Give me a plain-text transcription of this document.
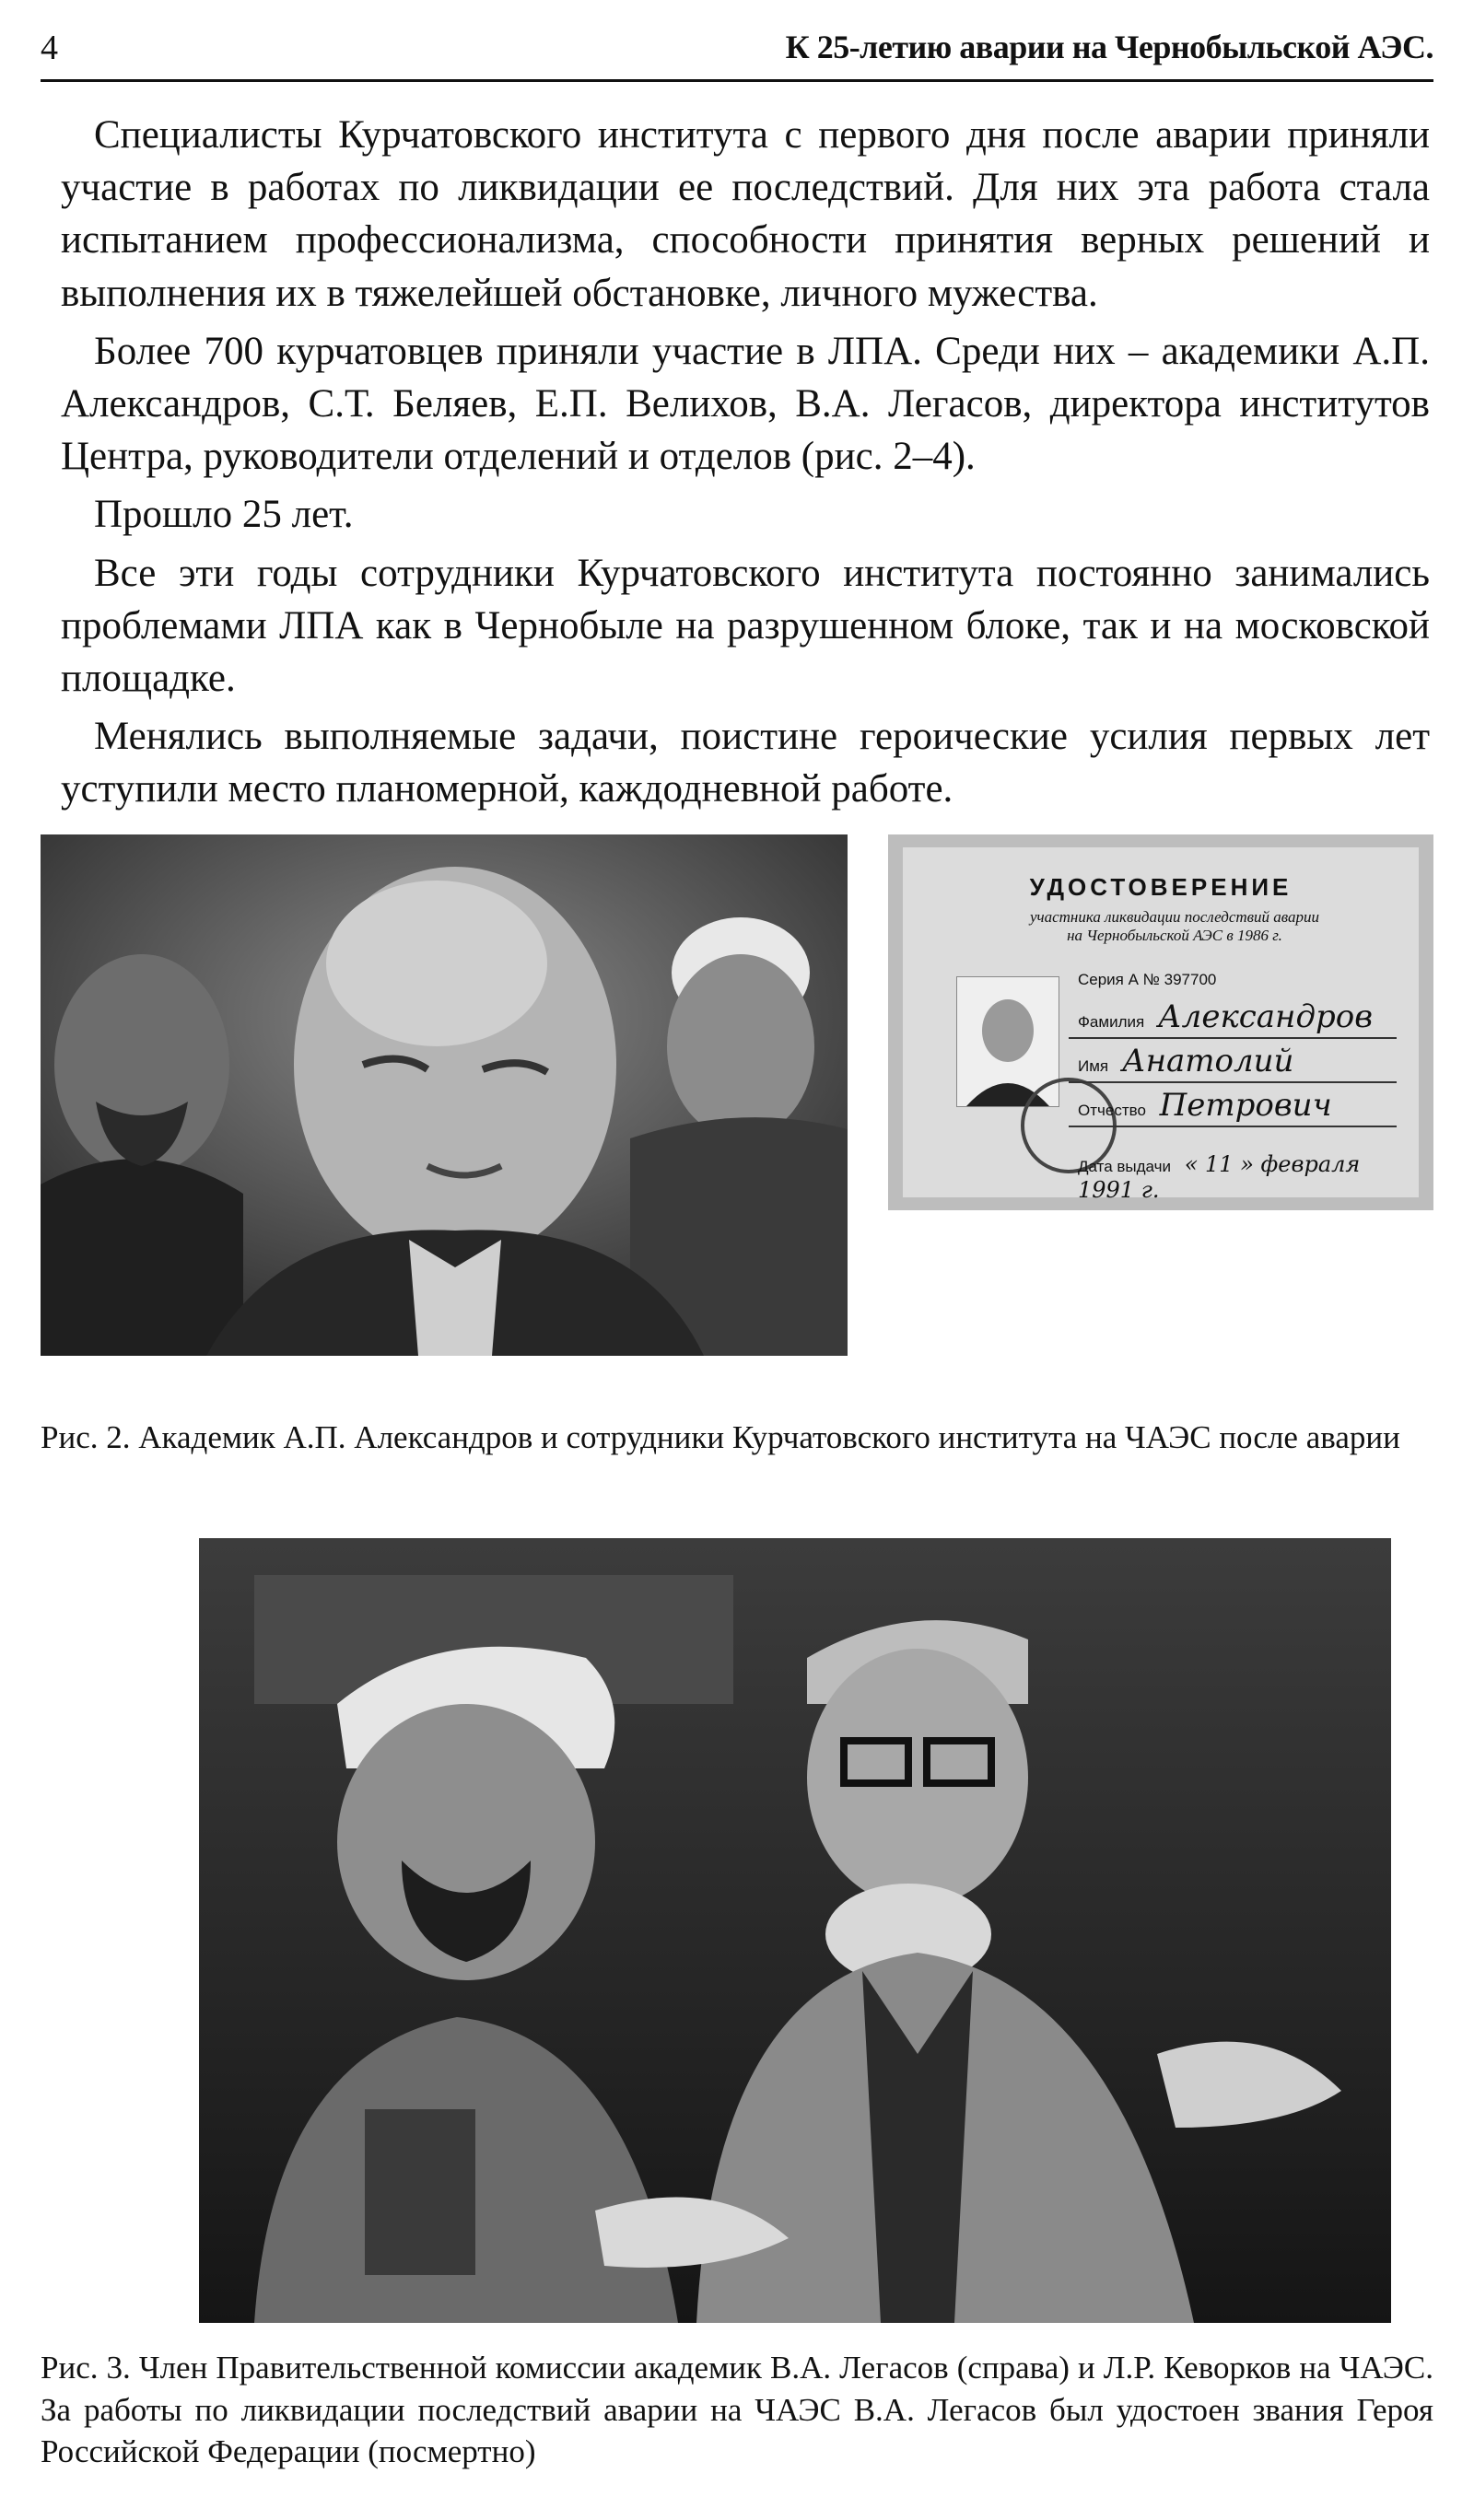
4	К 25-летию аварии на Чернобыльской АЭС.

Специалисты Курчатовского института с первого дня после аварии приняли участие в работах по ликвидации ее последствий. Для них эта работа стала испытанием профессионализма, способности принятия верных решений и выполнения их в тяжелейшей обстановке, личного мужества.

Более 700 курчатовцев приняли участие в ЛПА. Среди них – академики А.П. Александров, С.Т. Беляев, Е.П. Велихов, В.А. Легасов, директора институтов Центра, руководители отделений и отделов (рис. 2–4).

Прошло 25 лет.

Все эти годы сотрудники Курчатовского института постоянно занимались проблемами ЛПА как в Чернобыле на разрушенном блоке, так и на московской площадке.

Менялись выполняемые задачи, поистине героические усилия первых лет уступили место планомерной, каждодневной работе.

УДОСТОВЕРЕНИЕ
участника ликвидации последствий аварии
на Чернобыльской АЭС в 1986 г.
Серия А № 397700
Фамилия Александров
Имя Анатолий
Отчество Петрович
Дата выдачи « 11 » февраля 1991 г.
Рис. 2. Академик А.П. Александров и сотрудники Курчатовского института на ЧАЭС после аварии
Рис. 3. Член Правительственной комиссии академик В.А. Легасов (справа) и Л.Р. Кеворков на ЧАЭС. За работы по ликвидации последствий аварии на ЧАЭС В.А. Легасов был удостоен звания Героя Российской Федерации (посмертно)
